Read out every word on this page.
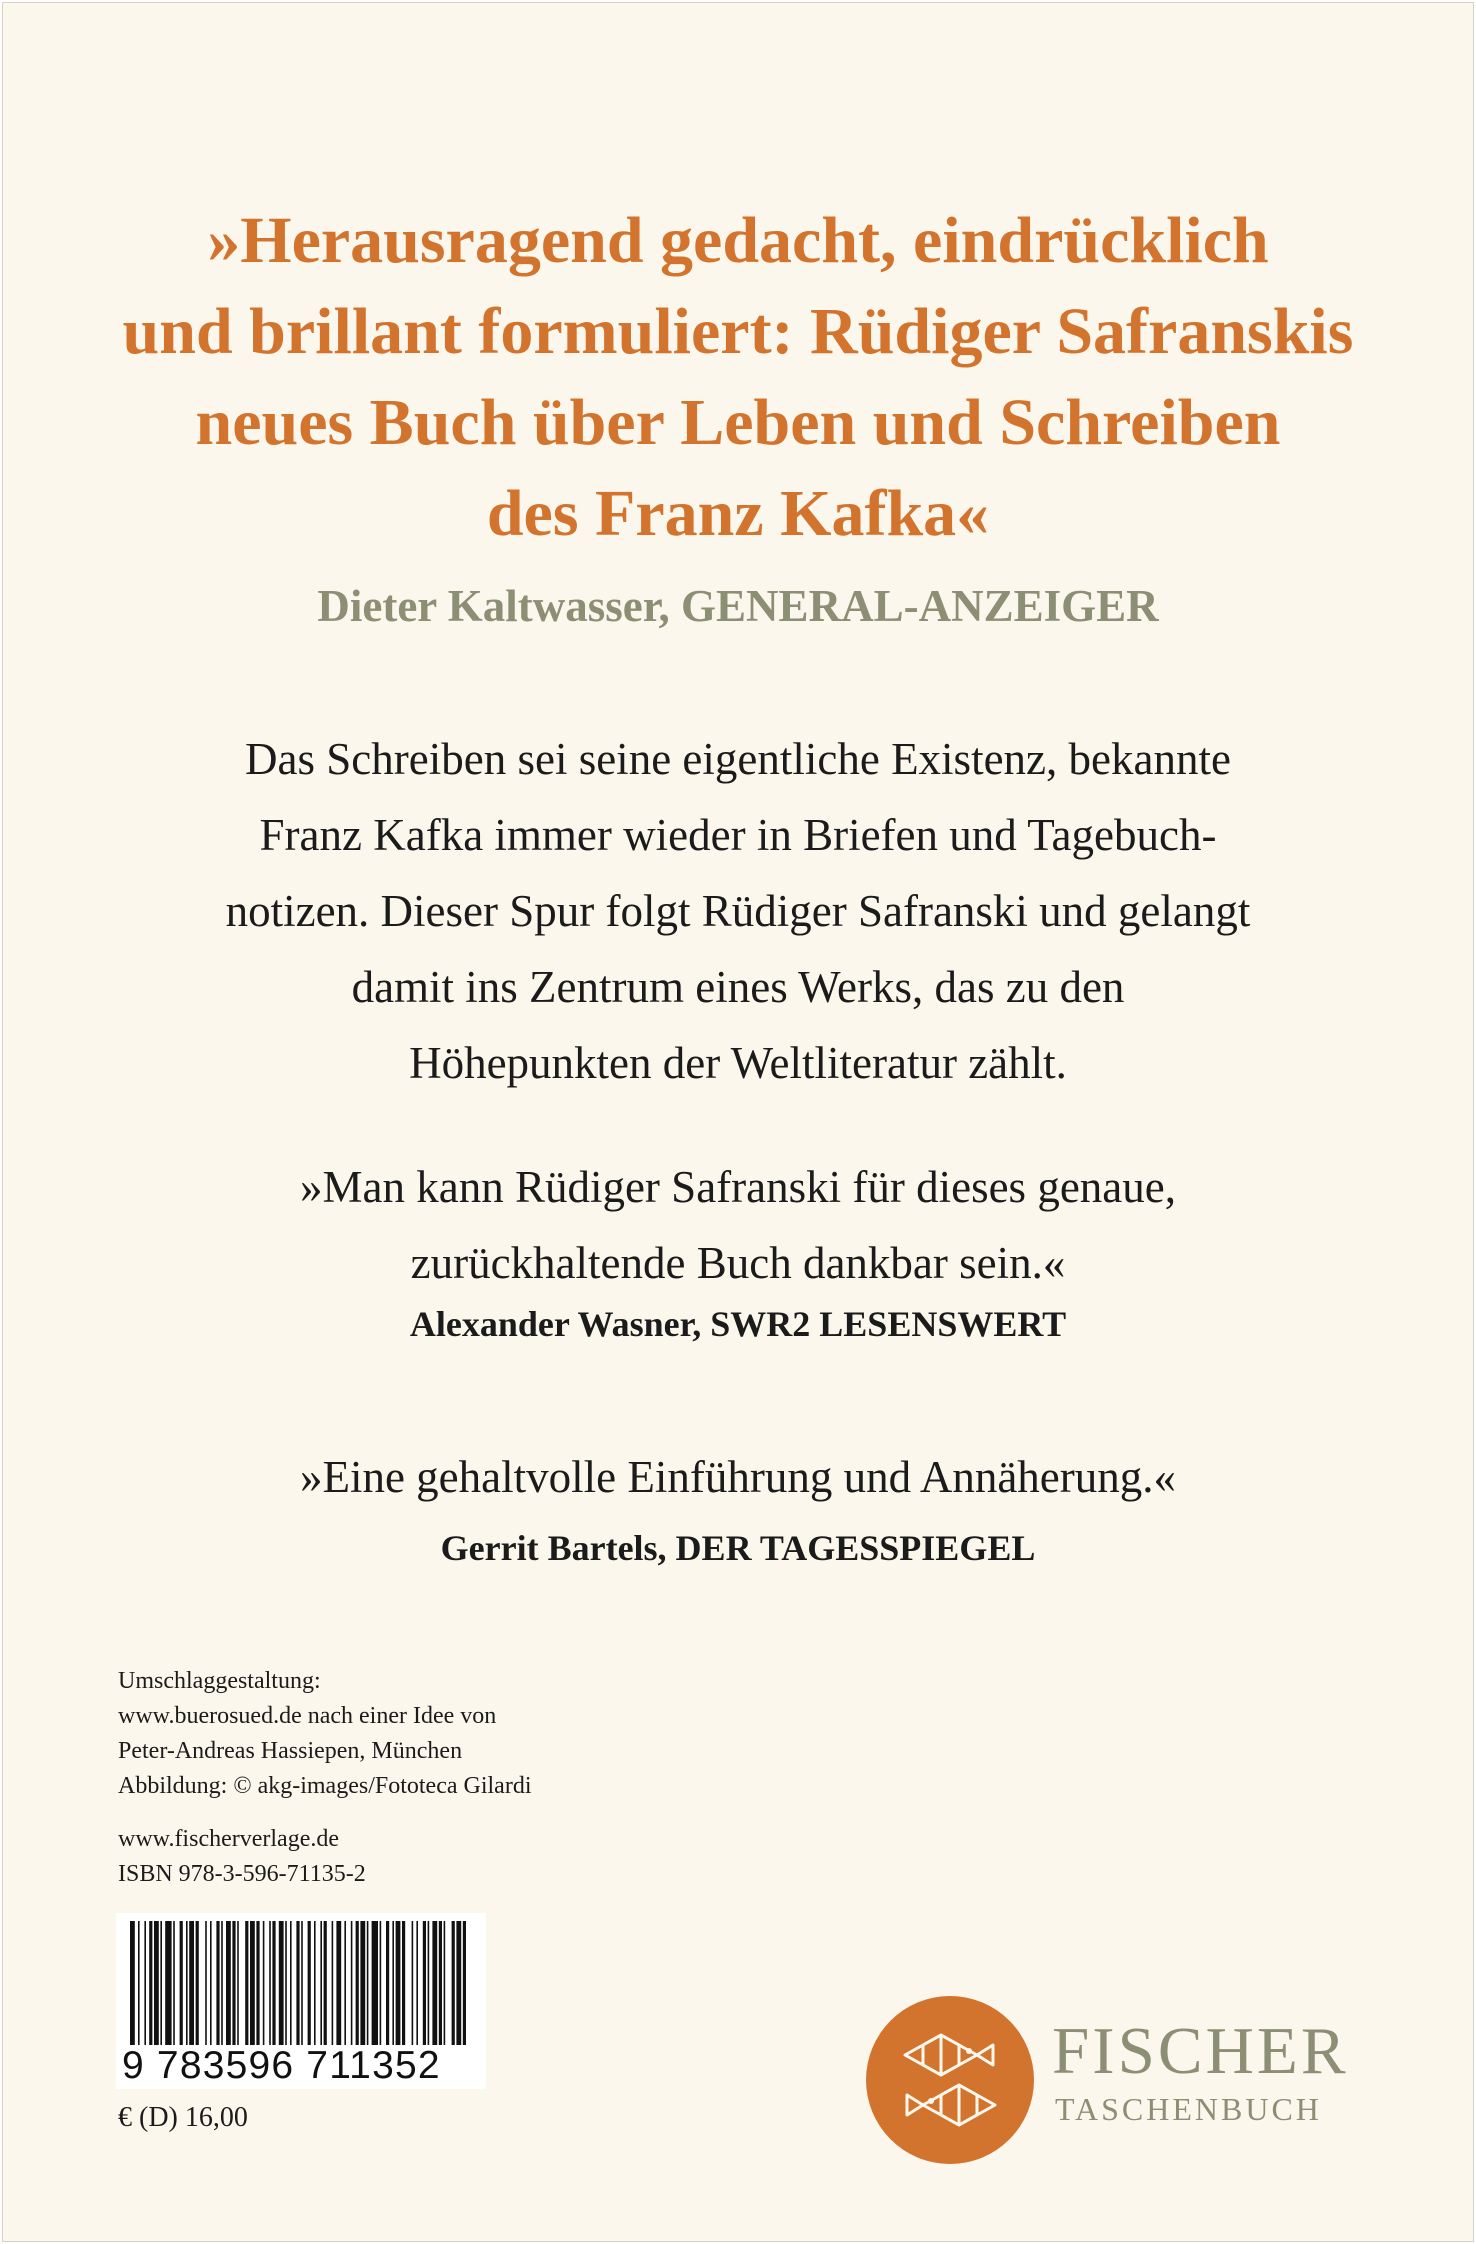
»Herausragend gedacht, eindrücklich
und brillant formuliert: Rüdiger Safranskis
neues Buch über Leben und Schreiben
des Franz Kafka«
Dieter Kaltwasser, GENERAL-ANZEIGER
Das Schreiben sei seine eigentliche Existenz, bekannte
Franz Kafka immer wieder in Briefen und Tagebuch-
notizen. Dieser Spur folgt Rüdiger Safranski und gelangt
damit ins Zentrum eines Werks, das zu den
Höhepunkten der Weltliteratur zählt.
»Man kann Rüdiger Safranski für dieses genaue,
zurückhaltende Buch dankbar sein.«
Alexander Wasner, SWR2 LESENSWERT
»Eine gehaltvolle Einführung und Annäherung.«
Gerrit Bartels, DER TAGESSPIEGEL
Umschlaggestaltung:
www.buerosued.de nach einer Idee von
Peter-Andreas Hassiepen, München
Abbildung: © akg-images/Fototeca Gilardi
www.fischerverlage.de
ISBN 978-3-596-71135-2
9 783596 711352
€ (D) 16,00
FISCHER
TASCHENBUCH
